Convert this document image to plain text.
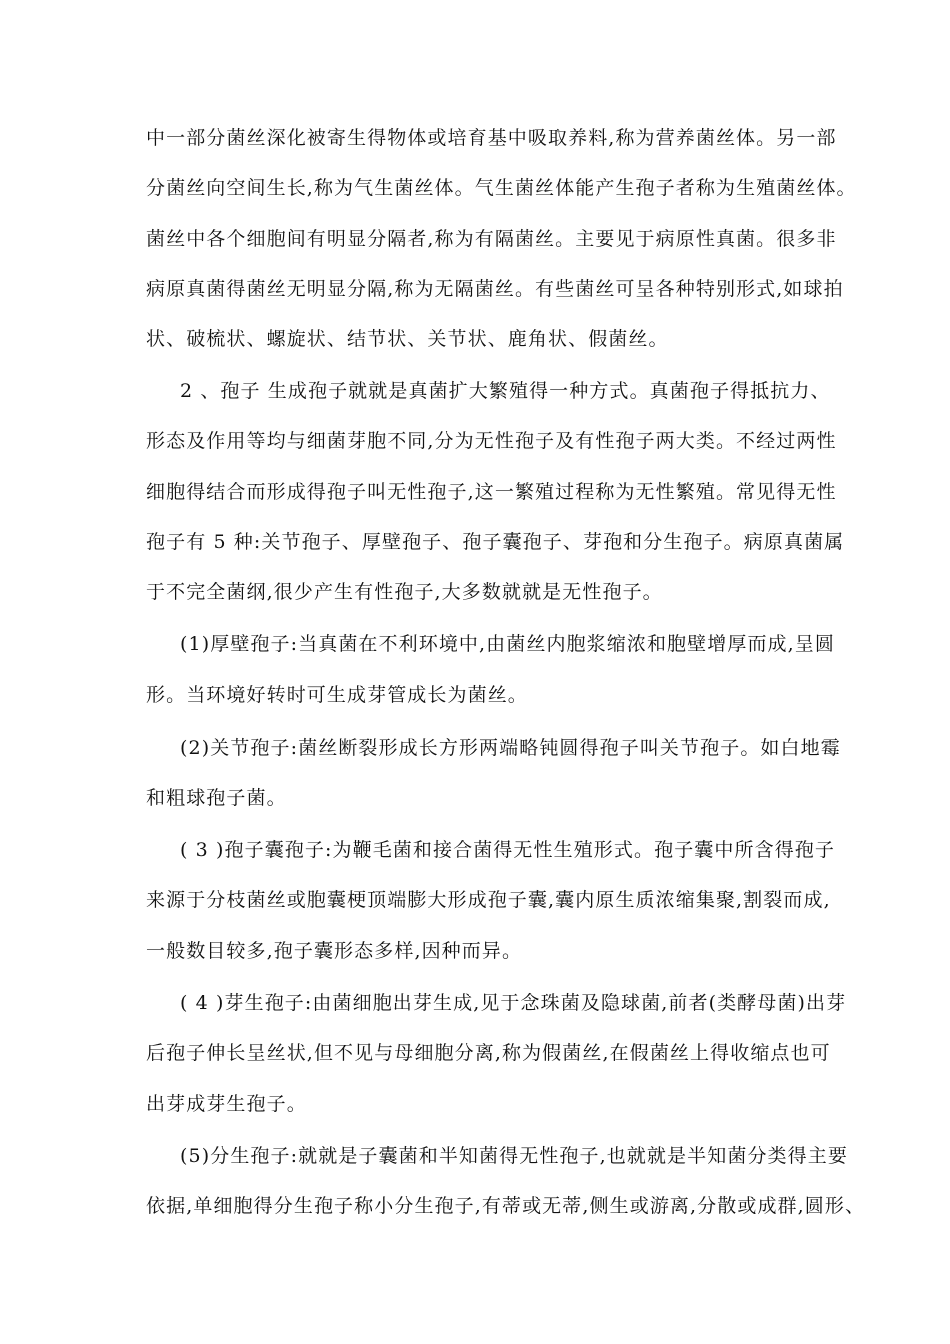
中一部分菌丝深化被寄生得物体或培育基中吸取养料,称为营养菌丝体。另一部
分菌丝向空间生长,称为气生菌丝体。气生菌丝体能产生孢子者称为生殖菌丝体。
菌丝中各个细胞间有明显分隔者,称为有隔菌丝。主要见于病原性真菌。很多非
病原真菌得菌丝无明显分隔,称为无隔菌丝。有些菌丝可呈各种特别形式,如球拍
状、破梳状、螺旋状、结节状、关节状、鹿角状、假菌丝。
2 、孢子 生成孢子就就是真菌扩大繁殖得一种方式。真菌孢子得抵抗力、
形态及作用等均与细菌芽胞不同,分为无性孢子及有性孢子两大类。不经过两性
细胞得结合而形成得孢子叫无性孢子,这一繁殖过程称为无性繁殖。常见得无性
孢子有 5 种:关节孢子、厚壁孢子、孢子囊孢子、芽孢和分生孢子。病原真菌属
于不完全菌纲,很少产生有性孢子,大多数就就是无性孢子。
(1)厚壁孢子:当真菌在不利环境中,由菌丝内胞浆缩浓和胞壁增厚而成,呈圆
形。当环境好转时可生成芽管成长为菌丝。
(2)关节孢子:菌丝断裂形成长方形两端略钝圆得孢子叫关节孢子。如白地霉
和粗球孢子菌。
( 3 )孢子囊孢子:为鞭毛菌和接合菌得无性生殖形式。孢子囊中所含得孢子
来源于分枝菌丝或胞囊梗顶端膨大形成孢子囊,囊内原生质浓缩集聚,割裂而成,
一般数目较多,孢子囊形态多样,因种而异。
( 4 )芽生孢子:由菌细胞出芽生成,见于念珠菌及隐球菌,前者(类酵母菌)出芽
后孢子伸长呈丝状,但不见与母细胞分离,称为假菌丝,在假菌丝上得收缩点也可
出芽成芽生孢子。
(5)分生孢子:就就是子囊菌和半知菌得无性孢子,也就就是半知菌分类得主要
依据,单细胞得分生孢子称小分生孢子,有蒂或无蒂,侧生或游离,分散或成群,圆形、
